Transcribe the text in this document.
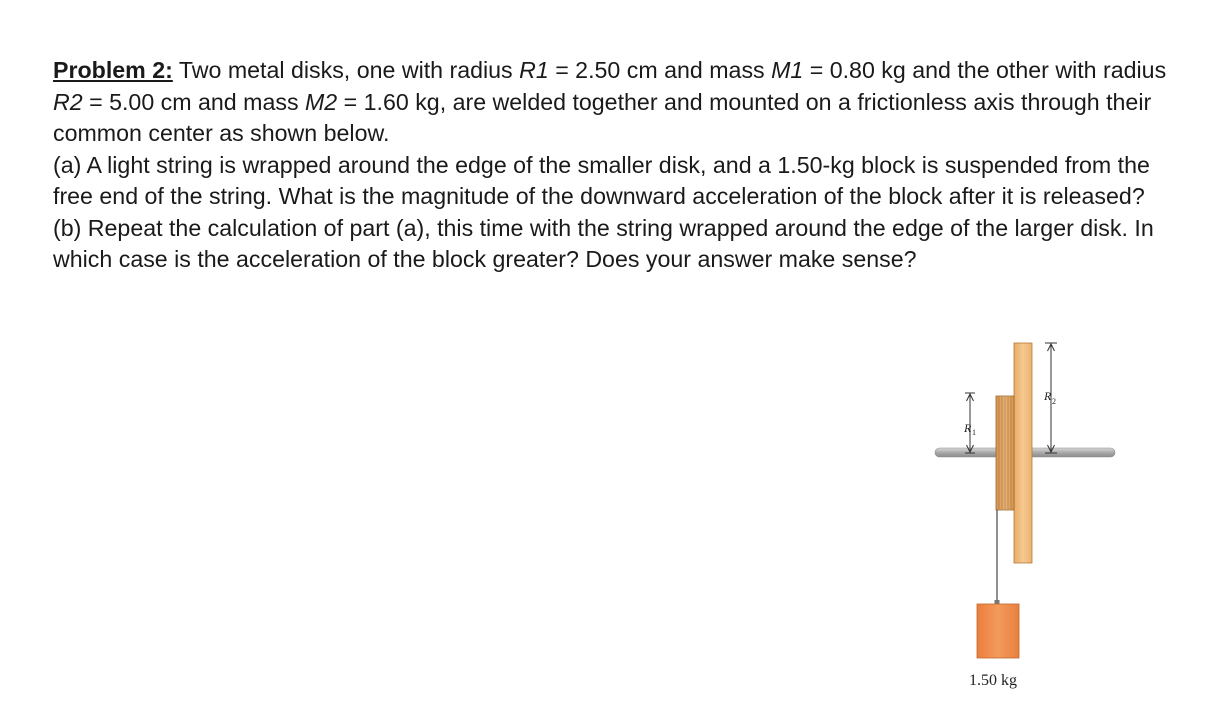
Problem 2: Two metal disks, one with radius R1 = 2.50 cm and mass M1 = 0.80 kg and the other with radius R2 = 5.00 cm and mass M2 = 1.60 kg, are welded together and mounted on a frictionless axis through their common center as shown below.

(a) A light string is wrapped around the edge of the smaller disk, and a 1.50-kg block is suspended from the free end of the string. What is the magnitude of the downward acceleration of the block after it is released?

(b) Repeat the calculation of part (a), this time with the string wrapped around the edge of the larger disk. In which case is the acceleration of the block greater? Does your answer make sense?

R 1
R 2
1.50 kg
